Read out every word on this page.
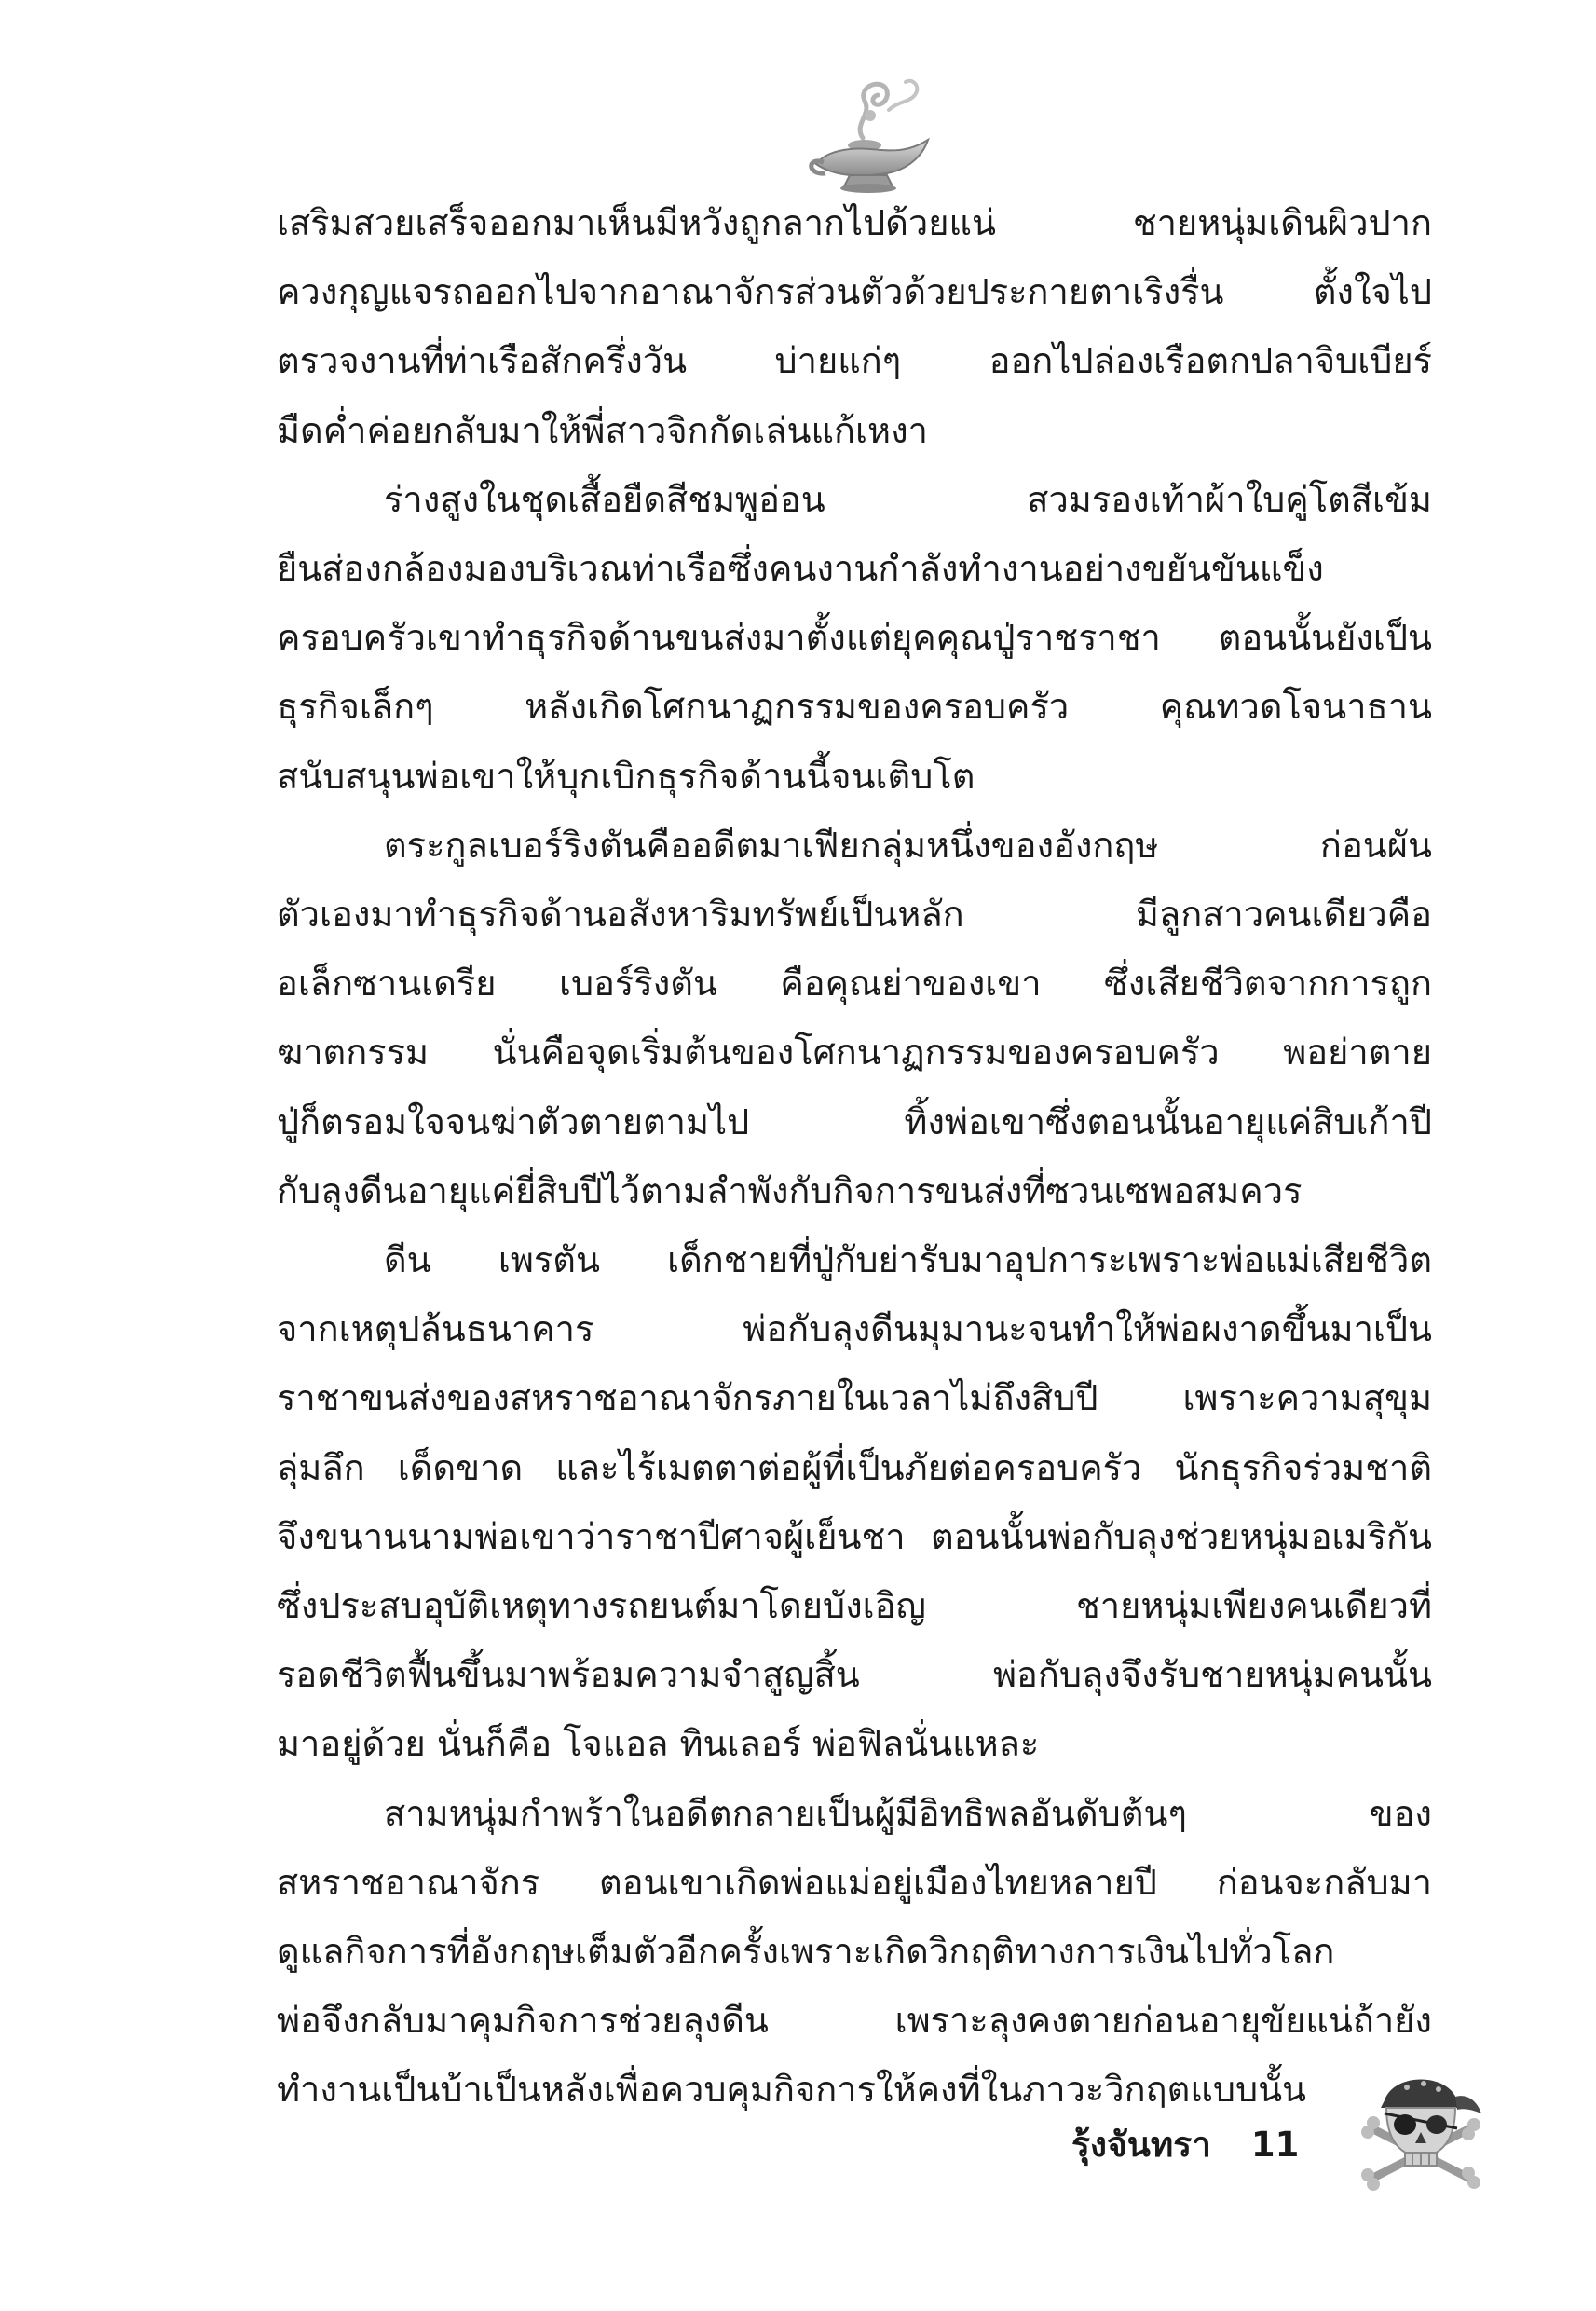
เสริมสวยเสร็จออกมาเห็นมีหวังถูกลากไปด้วยแน่ ชายหนุ่มเดินผิวปาก
ควงกุญแจรถออกไปจากอาณาจักรส่วนตัวด้วยประกายตาเริงรื่น ตั้งใจไป
ตรวจงานที่ท่าเรือสักครึ่งวัน บ่ายแก่ๆ ออกไปล่องเรือตกปลาจิบเบียร์
มืดค่ำค่อยกลับมาให้พี่สาวจิกกัดเล่นแก้เหงา

ร่างสูงในชุดเสื้อยืดสีชมพูอ่อน สวมรองเท้าผ้าใบคู่โตสีเข้ม
ยืนส่องกล้องมองบริเวณท่าเรือซึ่งคนงานกำลังทำงานอย่างขยันขันแข็ง
ครอบครัวเขาทำธุรกิจด้านขนส่งมาตั้งแต่ยุคคุณปู่ราชราชา ตอนนั้นยังเป็น
ธุรกิจเล็กๆ หลังเกิดโศกนาฏกรรมของครอบครัว คุณทวดโจนาธาน
สนับสนุนพ่อเขาให้บุกเบิกธุรกิจด้านนี้จนเติบโต

ตระกูลเบอร์ริงตันคืออดีตมาเฟียกลุ่มหนึ่งของอังกฤษ ก่อนผัน
ตัวเองมาทำธุรกิจด้านอสังหาริมทรัพย์เป็นหลัก มีลูกสาวคนเดียวคือ
อเล็กซานเดรีย เบอร์ริงตัน คือคุณย่าของเขา ซึ่งเสียชีวิตจากการถูก
ฆาตกรรม นั่นคือจุดเริ่มต้นของโศกนาฏกรรมของครอบครัว พอย่าตาย
ปู่ก็ตรอมใจจนฆ่าตัวตายตามไป ทิ้งพ่อเขาซึ่งตอนนั้นอายุแค่สิบเก้าปี
กับลุงดีนอายุแค่ยี่สิบปีไว้ตามลำพังกับกิจการขนส่งที่ซวนเซพอสมควร

ดีน เพรตัน เด็กชายที่ปู่กับย่ารับมาอุปการะเพราะพ่อแม่เสียชีวิต
จากเหตุปล้นธนาคาร พ่อกับลุงดีนมุมานะจนทำให้พ่อผงาดขึ้นมาเป็น
ราชาขนส่งของสหราชอาณาจักรภายในเวลาไม่ถึงสิบปี เพราะความสุขุม
ลุ่มลึก เด็ดขาด และไร้เมตตาต่อผู้ที่เป็นภัยต่อครอบครัว นักธุรกิจร่วมชาติ
จึงขนานนามพ่อเขาว่าราชาปีศาจผู้เย็นชา ตอนนั้นพ่อกับลุงช่วยหนุ่มอเมริกัน
ซึ่งประสบอุบัติเหตุทางรถยนต์มาโดยบังเอิญ ชายหนุ่มเพียงคนเดียวที่
รอดชีวิตฟื้นขึ้นมาพร้อมความจำสูญสิ้น พ่อกับลุงจึงรับชายหนุ่มคนนั้น
มาอยู่ด้วย นั่นก็คือ โจแอล ทินเลอร์ พ่อฟิลนั่นแหละ

สามหนุ่มกำพร้าในอดีตกลายเป็นผู้มีอิทธิพลอันดับต้นๆ ของ
สหราชอาณาจักร ตอนเขาเกิดพ่อแม่อยู่เมืองไทยหลายปี ก่อนจะกลับมา
ดูแลกิจการที่อังกฤษเต็มตัวอีกครั้งเพราะเกิดวิกฤติทางการเงินไปทั่วโลก
พ่อจึงกลับมาคุมกิจการช่วยลุงดีน เพราะลุงคงตายก่อนอายุขัยแน่ถ้ายัง
ทำงานเป็นบ้าเป็นหลังเพื่อควบคุมกิจการให้คงที่ในภาวะวิกฤตแบบนั้น

รุ้งจันทรา 11
